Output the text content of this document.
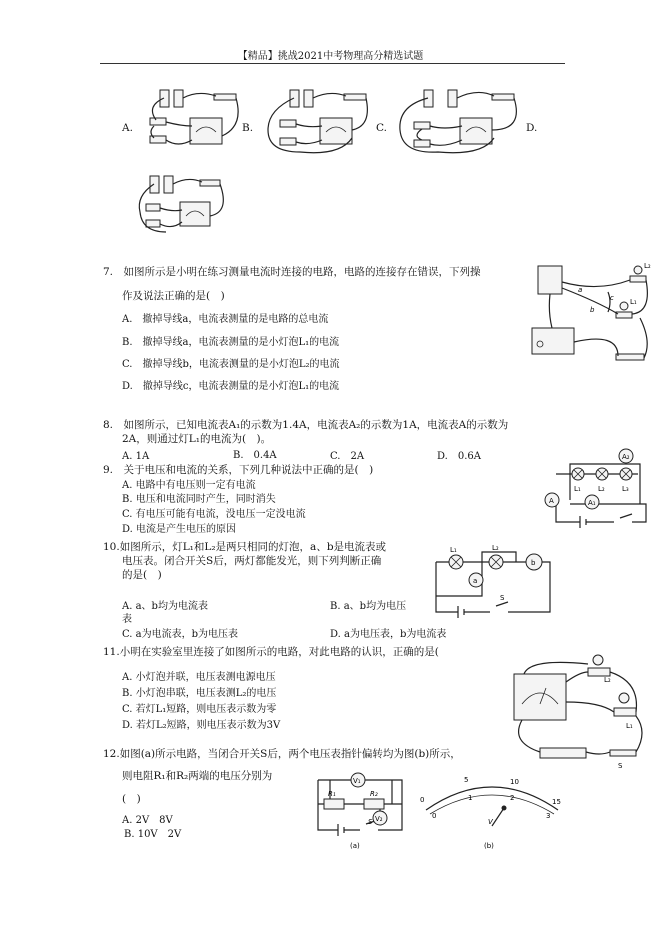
【精品】挑战2021中考物理高分精选试题
A.	B.	C.	D.
7.　如图所示是小明在练习测量电流时连接的电路，电路的连接存在错误，下列操
作及说法正确的是(　)
A.　撤掉导线a，电流表测量的是电路的总电流
B.　撤掉导线a，电流表测量的是小灯泡L₁的电流
C.　撤掉导线b，电流表测量的是小灯泡L₂的电流
D.　撤掉导线c，电流表测量的是小灯泡L₁的电流
a
b
c
L₂
L₁
8.　如图所示，已知电流表A₁的示数为1.4A，电流表A₂的示数为1A，电流表A的示数为
2A，则通过灯L₁的电流为(　)。
A. 1A	B.　0.4A	C.　2A	D.　0.6A
9.　关于电压和电流的关系，下列几种说法中正确的是(　)
A. 电路中有电压则一定有电流
B. 电压和电流同时产生，同时消失
C. 有电压可能有电流，没电压一定没电流
D. 电流是产生电压的原因
A
A₂
A₁
L₁ L₂ L₃
10.如图所示，灯L₁和L₂是两只相同的灯泡，a、b是电流表或
电压表。闭合开关S后，两灯都能发光，则下列判断正确
的是(　)
A. a、b均为电流表	B. a、b均为电压
表
C. a为电流表，b为电压表	D. a为电压表，b为电流表
L₁	L₂
a
b
S
11.小明在实验室里连接了如图所示的电路，对此电路的认识，正确的是(
A. 小灯泡并联，电压表测电源电压
B. 小灯泡串联，电压表测L₂的电压
C. 若灯L₁短路，则电压表示数为零
D. 若灯L₂短路，则电压表示数为3V
L₂
L₁
S
12.如图(a)所示电路，当闭合开关S后，两个电压表指针偏转均为图(b)所示，
则电阻R₁和R₂两端的电压分别为
(　)
A. 2V　8V
B. 10V　2V
V₁
V₂
R₁	R₂
S
(a)
0
5	10
15
0
1	2
3
V
(b)
